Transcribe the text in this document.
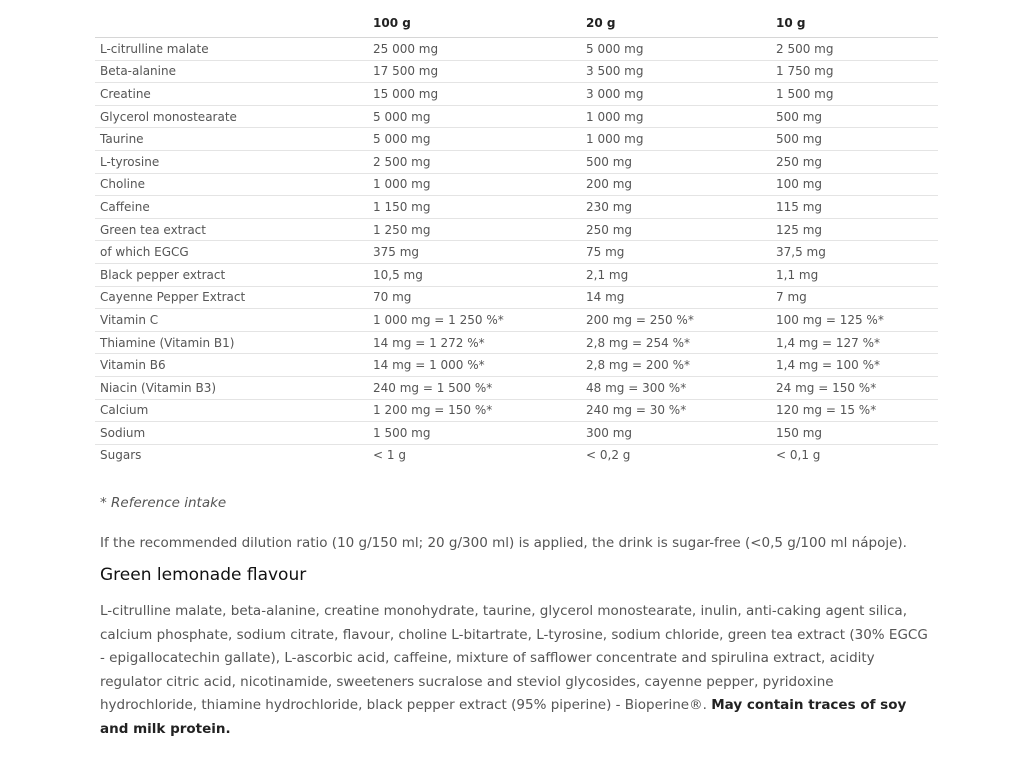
	100 g	20 g	10 g
L-citrulline malate	25 000 mg	5 000 mg	2 500 mg
Beta-alanine	17 500 mg	3 500 mg	1 750 mg
Creatine	15 000 mg	3 000 mg	1 500 mg
Glycerol monostearate	5 000 mg	1 000 mg	500 mg
Taurine	5 000 mg	1 000 mg	500 mg
L-tyrosine	2 500 mg	500 mg	250 mg
Choline	1 000 mg	200 mg	100 mg
Caffeine	1 150 mg	230 mg	115 mg
Green tea extract	1 250 mg	250 mg	125 mg
of which EGCG	375 mg	75 mg	37,5 mg
Black pepper extract	10,5 mg	2,1 mg	1,1 mg
Cayenne Pepper Extract	70 mg	14 mg	7 mg
Vitamin C	1 000 mg = 1 250 %*	200 mg = 250 %*	100 mg = 125 %*
Thiamine (Vitamin B1)	14 mg = 1 272 %*	2,8 mg = 254 %*	1,4 mg = 127 %*
Vitamin B6	14 mg = 1 000 %*	2,8 mg = 200 %*	1,4 mg = 100 %*
Niacin (Vitamin B3)	240 mg = 1 500 %*	48 mg = 300 %*	24 mg = 150 %*
Calcium	1 200 mg = 150 %*	240 mg = 30 %*	120 mg = 15 %*
Sodium	1 500 mg	300 mg	150 mg
Sugars	< 1 g	< 0,2 g	< 0,1 g

* Reference intake

If the recommended dilution ratio (10 g/150 ml; 20 g/300 ml) is applied, the drink is sugar-free (<0,5 g/100 ml nápoje).

Green lemonade flavour

L-citrulline malate, beta-alanine, creatine monohydrate, taurine, glycerol monostearate, inulin, anti-caking agent silica, calcium phosphate, sodium citrate, flavour, choline L-bitartrate, L-tyrosine, sodium chloride, green tea extract (30% EGCG - epigallocatechin gallate), L-ascorbic acid, caffeine, mixture of safflower concentrate and spirulina extract, acidity regulator citric acid, nicotinamide, sweeteners sucralose and steviol glycosides, cayenne pepper, pyridoxine hydrochloride, thiamine hydrochloride, black pepper extract (95% piperine) - Bioperine®. May contain traces of soy and milk protein.
